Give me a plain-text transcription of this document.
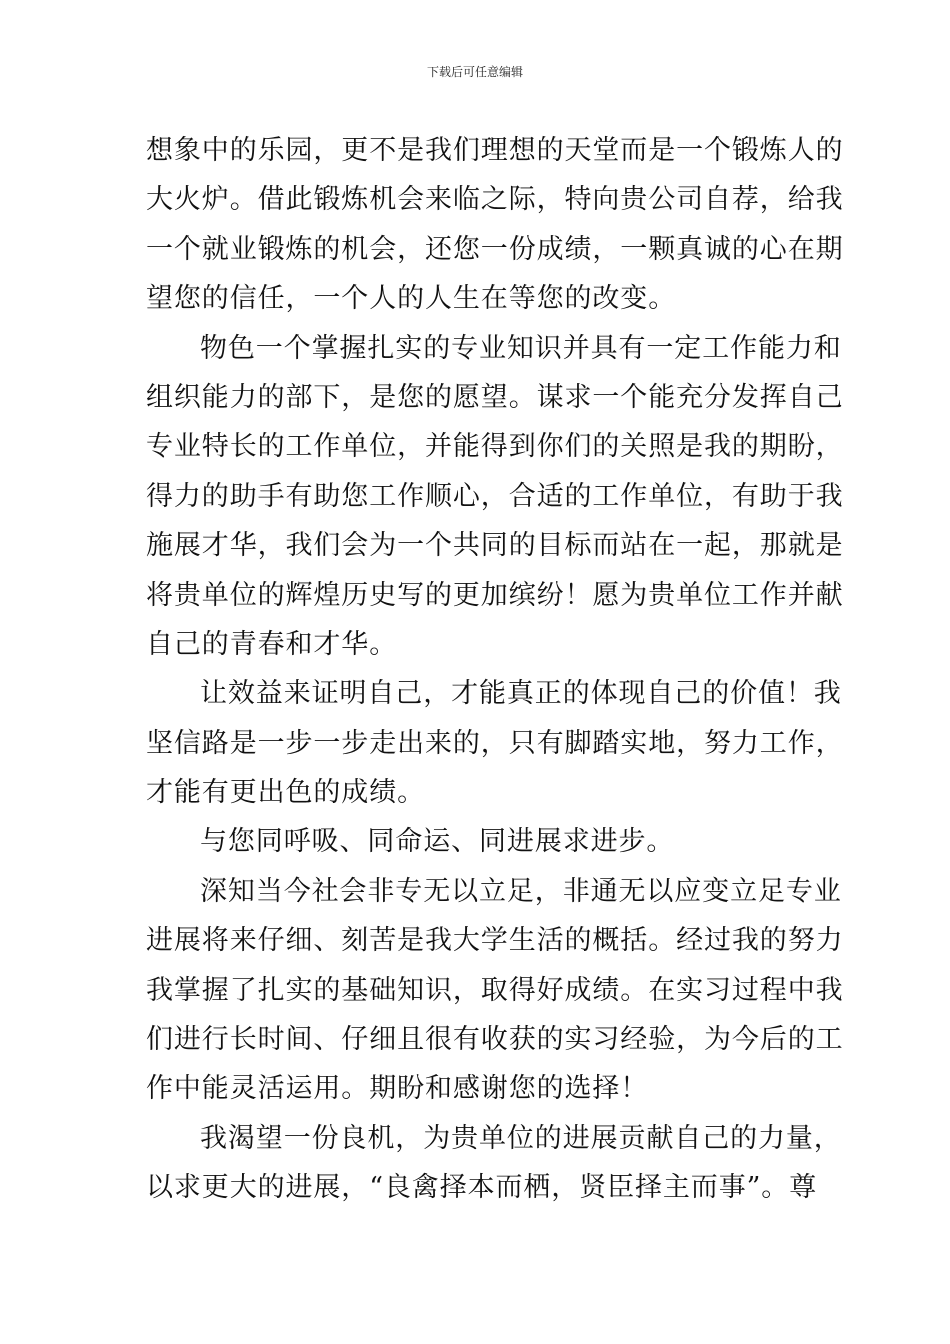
下载后可任意编辑
想象中的乐园，更不是我们理想的天堂而是一个锻炼人的
大火炉。借此锻炼机会来临之际，特向贵公司自荐，给我
一个就业锻炼的机会，还您一份成绩，一颗真诚的心在期
望您的信任，一个人的人生在等您的改变。
物色一个掌握扎实的专业知识并具有一定工作能力和
组织能力的部下，是您的愿望。谋求一个能充分发挥自己
专业特长的工作单位，并能得到你们的关照是我的期盼，
得力的助手有助您工作顺心，合适的工作单位，有助于我
施展才华，我们会为一个共同的目标而站在一起，那就是
将贵单位的辉煌历史写的更加缤纷！愿为贵单位工作并献
自己的青春和才华。
让效益来证明自己，才能真正的体现自己的价值！我
坚信路是一步一步走出来的，只有脚踏实地，努力工作，
才能有更出色的成绩。
与您同呼吸、同命运、同进展求进步。
深知当今社会非专无以立足，非通无以应变立足专业
进展将来仔细、刻苦是我大学生活的概括。经过我的努力
我掌握了扎实的基础知识，取得好成绩。在实习过程中我
们进行长时间、仔细且很有收获的实习经验，为今后的工
作中能灵活运用。期盼和感谢您的选择！
我渴望一份良机，为贵单位的进展贡献自己的力量，
以求更大的进展，“良禽择本而栖，贤臣择主而事”。尊
